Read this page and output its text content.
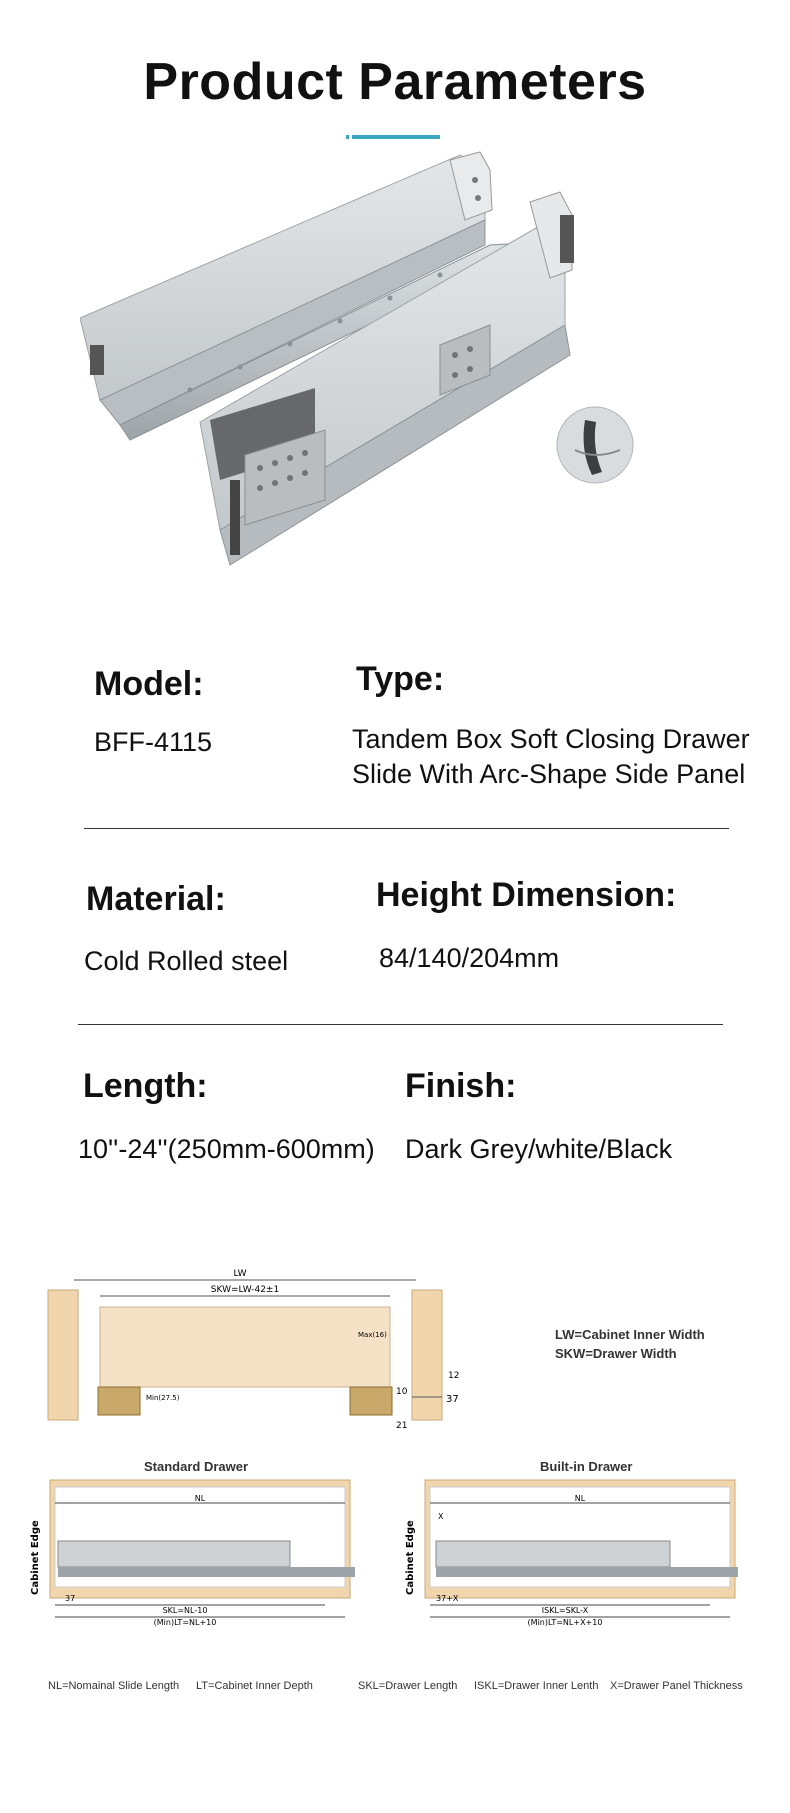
Product Parameters
Model:
BFF-4115
Type:
Tandem Box Soft Closing Drawer
Slide With Arc-Shape Side Panel
Material:
Cold Rolled steel
Height Dimension:
84/140/204mm
Length:
10''-24''(250mm-600mm)
Finish:
Dark Grey/white/Black
LW
SKW=LW-42±1
Max(16)
Min(27.5)
12
10
37
21
LW=Cabinet Inner Width
SKW=Drawer Width
Standard Drawer
NL
37
SKL=NL-10
(Min)LT=NL+10
Cabinet Edge
Built-in Drawer
NL
X
37+X
ISKL=SKL-X
(Min)LT=NL+X+10
Cabinet Edge
NL=Nomainal Slide Length LT=Cabinet Inner Depth	SKL=Drawer Length ISKL=Drawer Inner Lenth X=Drawer Panel Thickness
